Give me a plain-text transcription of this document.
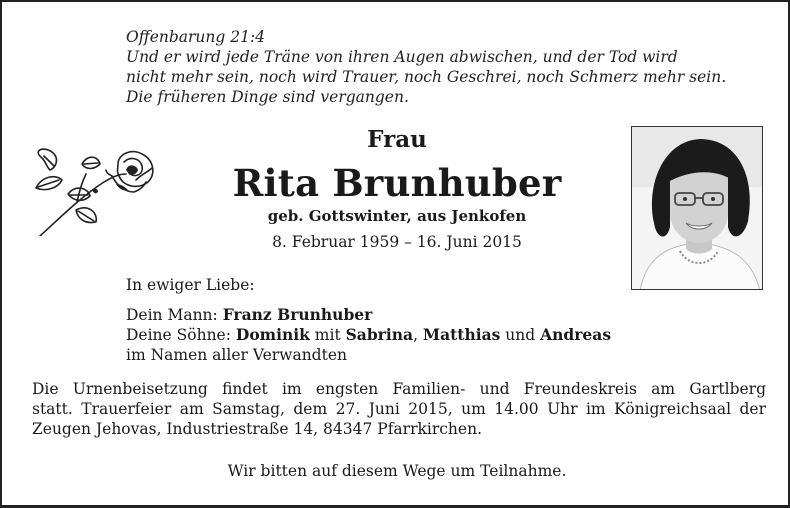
Offenbarung 21:4
Und er wird jede Träne von ihren Augen abwischen, und der Tod wird
nicht mehr sein, noch wird Trauer, noch Geschrei, noch Schmerz mehr sein.
Die früheren Dinge sind vergangen.
Frau
Rita Brunhuber
geb. Gottswinter, aus Jenkofen
8. Februar 1959 – 16. Juni 2015
In ewiger Liebe:
Dein Mann: Franz Brunhuber
Deine Söhne: Dominik mit Sabrina, Matthias und Andreas
im Namen aller Verwandten
Die Urnenbeisetzung findet im engsten Familien- und Freundeskreis am Gartlberg
statt. Trauerfeier am Samstag, dem 27. Juni 2015, um 14.00 Uhr im Königreichsaal der
Zeugen Jehovas, Industriestraße 14, 84347 Pfarrkirchen.
Wir bitten auf diesem Wege um Teilnahme.
